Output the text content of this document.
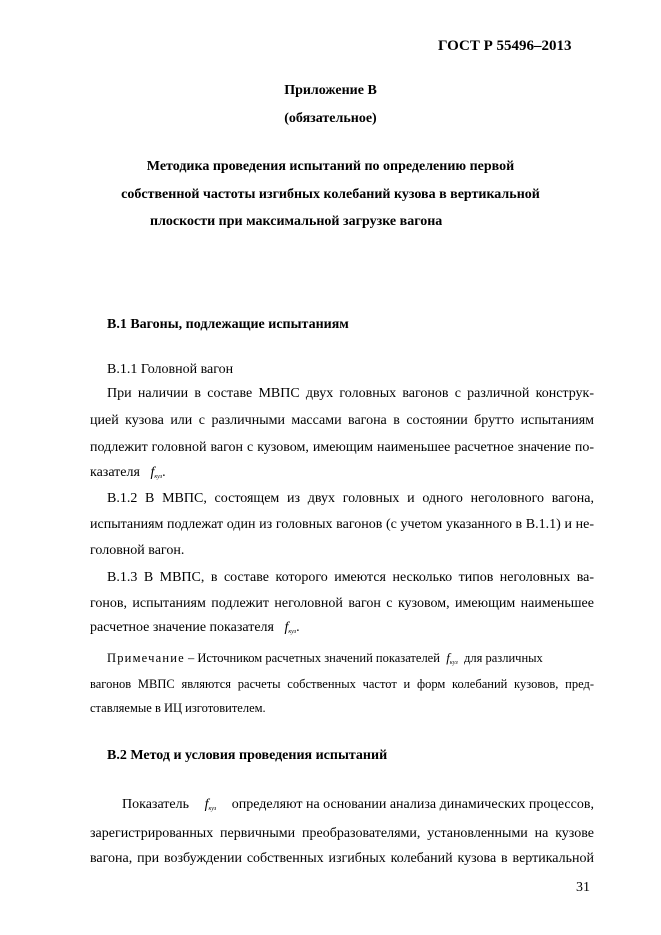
ГОСТ Р 55496–2013
Приложение В
(обязательное)
Методика проведения испытаний по определению первой
собственной частоты изгибных колебаний кузова в вертикальной
плоскости при максимальной загрузке вагона
В.1 Вагоны, подлежащие испытаниям
В.1.1 Головной вагон
При наличии в составе МВПС двух головных вагонов с различной конструк-
цией кузова или с различными массами вагона в состоянии брутто испытаниям
подлежит головной вагон с кузовом, имеющим наименьшее расчетное значение по-
казателя $f_{куз}$.
В.1.2 В МВПС, состоящем из двух головных и одного неголовного вагона,
испытаниям подлежат один из головных вагонов (с учетом указанного в В.1.1) и не-
головной вагон.
В.1.3 В МВПС, в составе которого имеются несколько типов неголовных ва-
гонов, испытаниям подлежит неголовной вагон с кузовом, имеющим наименьшее
расчетное значение показателя $f_{куз}$.
Примечание – Источником расчетных значений показателей $f_{куз}$ для различных
вагонов МВПС являются расчеты собственных частот и форм колебаний кузовов, пред-
ставляемые в ИЦ изготовителем.
В.2 Метод и условия проведения испытаний
Показатель $f_{куз}$ определяют на основании анализа динамических процессов,
зарегистрированных первичными преобразователями, установленными на кузове
вагона, при возбуждении собственных изгибных колебаний кузова в вертикальной
31
